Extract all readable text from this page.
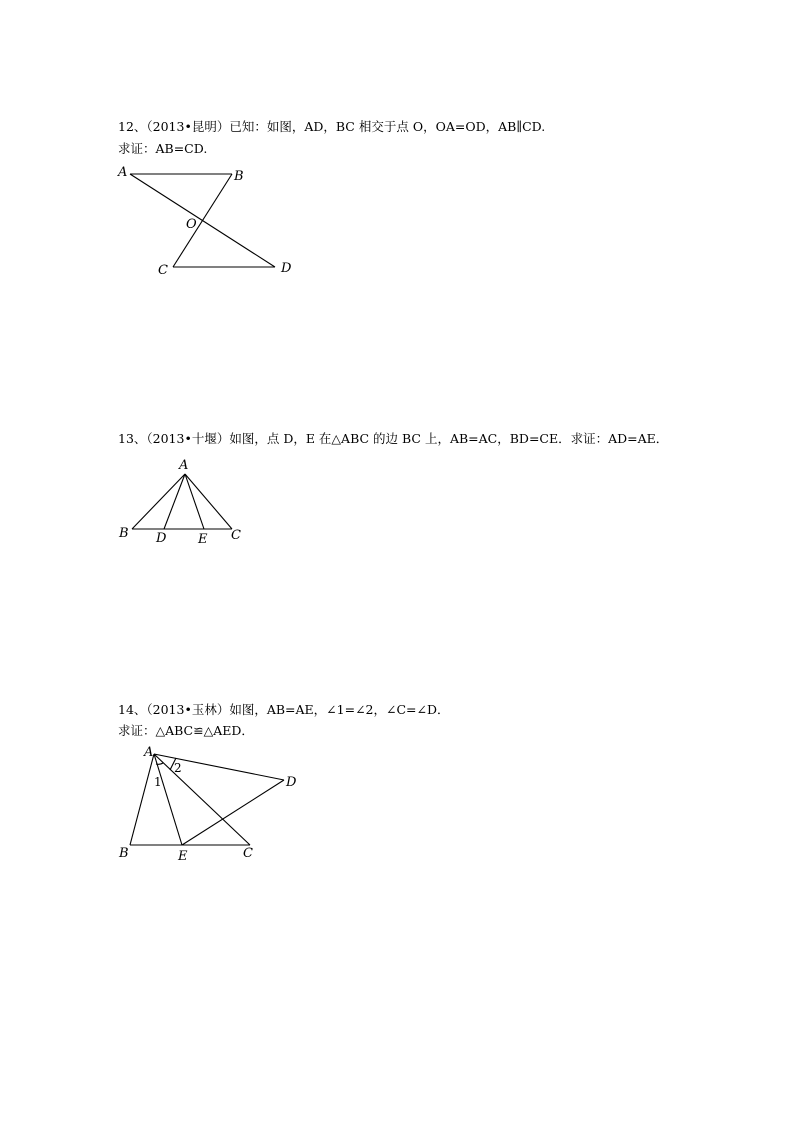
12、（2013•昆明）已知：如图，AD，BC 相交于点 O，OA=OD，AB∥CD.
求证：AB=CD.
A	B
O
C	D
13、（2013•十堰）如图，点 D，E 在△ABC 的边 BC 上，AB=AC，BD=CE．求证：AD=AE．
A
B D E C
14、（2013•玉林）如图，AB=AE，∠1=∠2，∠C=∠D．
求证：△ABC≌△AED．
A
1
2
D
B	E	C
